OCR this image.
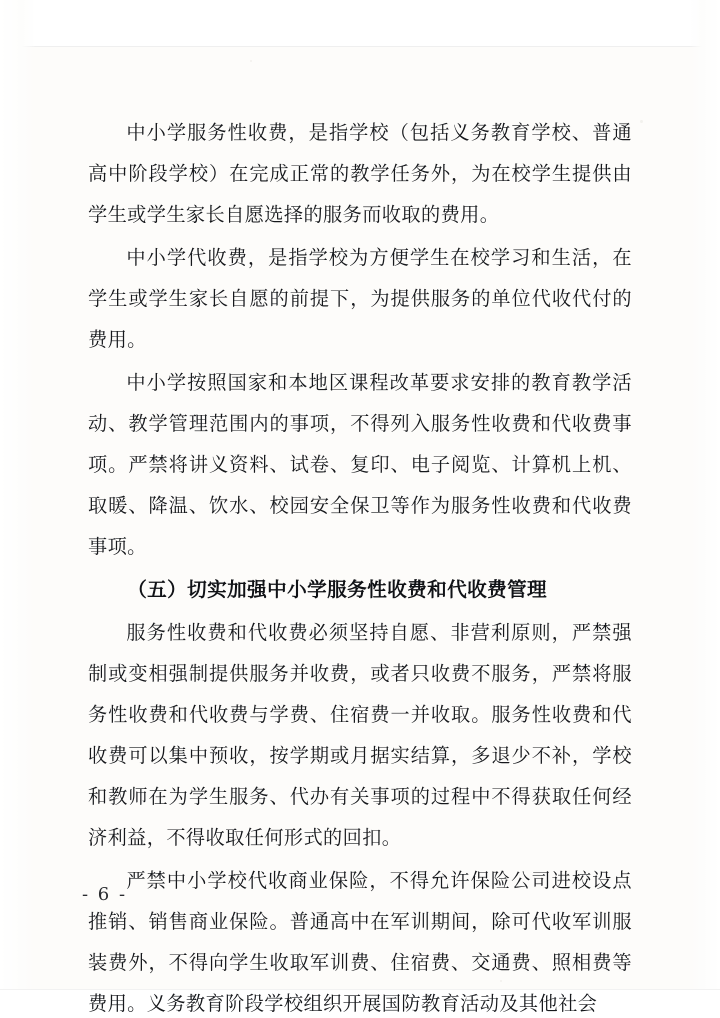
中小学服务性收费，是指学校（包括义务教育学校、普通高中阶段学校）在完成正常的教学任务外，为在校学生提供由学生或学生家长自愿选择的服务而收取的费用。

中小学代收费，是指学校为方便学生在校学习和生活，在学生或学生家长自愿的前提下，为提供服务的单位代收代付的费用。

中小学按照国家和本地区课程改革要求安排的教育教学活动、教学管理范围内的事项，不得列入服务性收费和代收费事项。严禁将讲义资料、试卷、复印、电子阅览、计算机上机、取暖、降温、饮水、校园安全保卫等作为服务性收费和代收费事项。

（五）切实加强中小学服务性收费和代收费管理

服务性收费和代收费必须坚持自愿、非营利原则，严禁强制或变相强制提供服务并收费，或者只收费不服务，严禁将服务性收费和代收费与学费、住宿费一并收取。服务性收费和代收费可以集中预收，按学期或月据实结算，多退少不补，学校和教师在为学生服务、代办有关事项的过程中不得获取任何经济利益，不得收取任何形式的回扣。

严禁中小学校代收商业保险，不得允许保险公司进校设点推销、销售商业保险。普通高中在军训期间，除可代收军训服装费外，不得向学生收取军训费、住宿费、交通费、照相费等费用。义务教育阶段学校组织开展国防教育活动及其他社会

- 6 -
